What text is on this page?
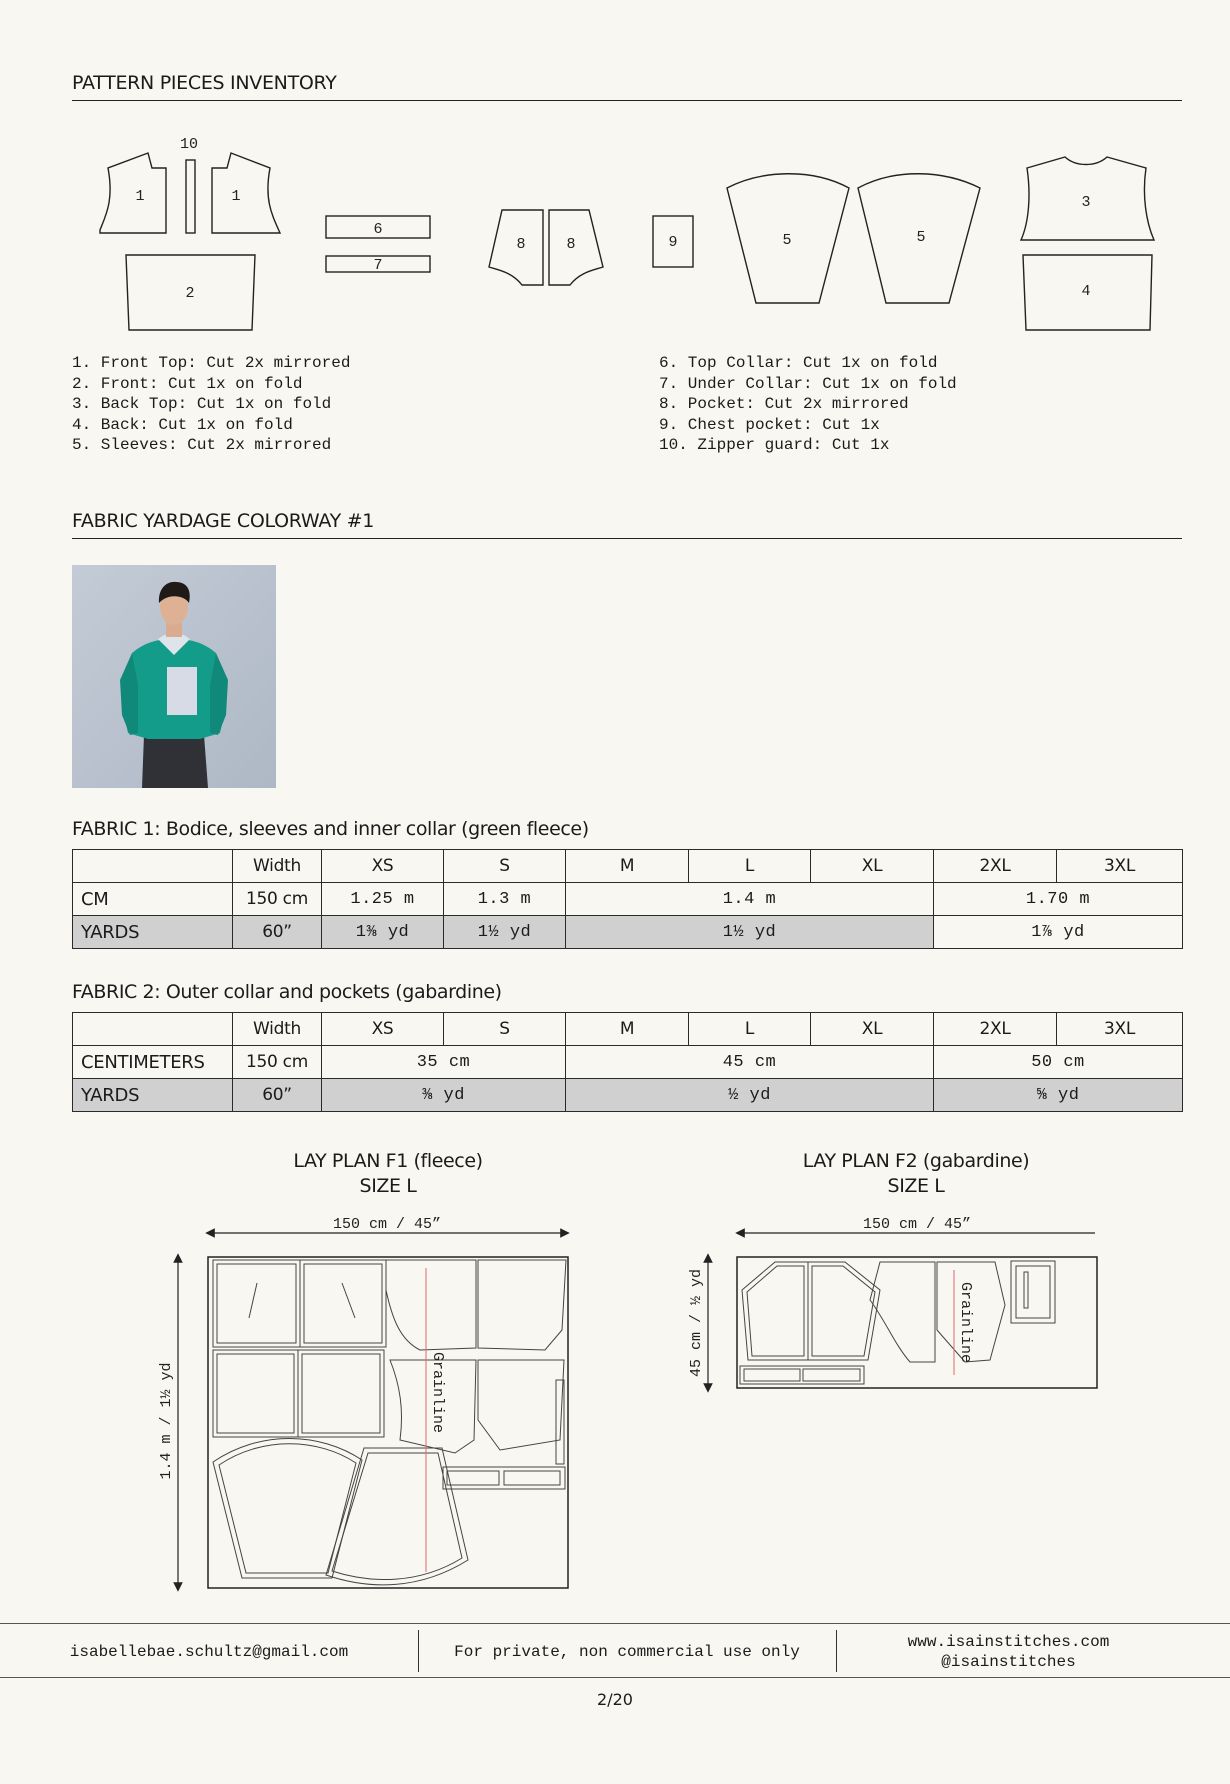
PATTERN PIECES INVENTORY
1
10
1
2
6
7
8	8	9	5	5
3
4
1. Front Top: Cut 2x mirrored
2. Front: Cut 1x on fold
3. Back Top: Cut 1x on fold
4. Back: Cut 1x on fold
5. Sleeves: Cut 2x mirrored
6. Top Collar: Cut 1x on fold
7. Under Collar: Cut 1x on fold
8. Pocket: Cut 2x mirrored
9. Chest pocket: Cut 1x
10. Zipper guard: Cut 1x
FABRIC YARDAGE COLORWAY #1
FABRIC 1: Bodice, sleeves and inner collar (green fleece)
	Width	XS	S	M	L	XL	2XL	3XL
CM	150 cm	1.25 m	1.3 m	1.4 m			1.70 m	
YARDS	60”	1⅜ yd	1½ yd	1½ yd			1⅞ yd	
FABRIC 2: Outer collar and pockets (gabardine)
	Width	XS	S	M	L	XL	2XL	3XL
CENTIMETERS	150 cm	35 cm		45 cm			50 cm	
YARDS	60”	⅜ yd		½ yd			⅝ yd	
LAY PLAN F1 (fleece)
SIZE L
LAY PLAN F2 (gabardine)
SIZE L
150 cm / 45”
1.4 m / 1½ yd	Grainline
150 cm / 45”
45 cm / ½ yd	Grainline
isabellebae.schultz@gmail.com	For private, non commercial use only
www.isainstitches.com
@isainstitches
2/20
